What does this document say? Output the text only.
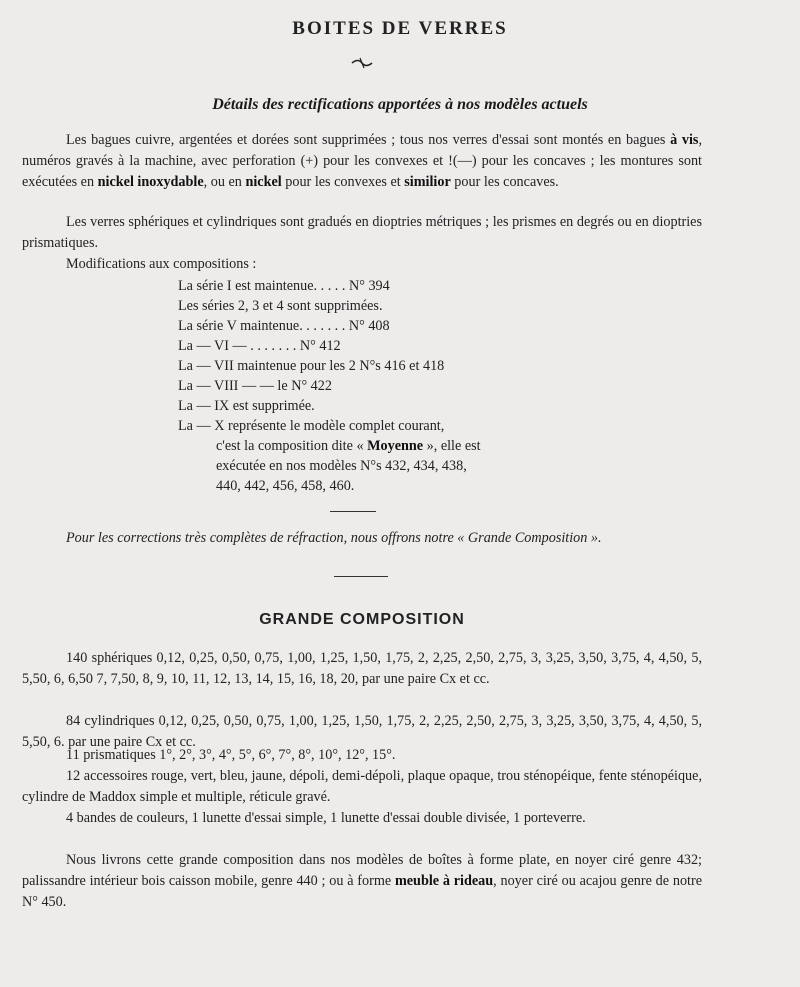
BOITES DE VERRES
Détails des rectifications apportées à nos modèles actuels
Les bagues cuivre, argentées et dorées sont supprimées ; tous nos verres d'essai sont montés en bagues à vis, numéros gravés à la machine, avec perforation (+) pour les convexes et !(—) pour les concaves ; les montures sont exécutées en nickel inoxydable, ou en nickel pour les convexes et similior pour les concaves.
Les verres sphériques et cylindriques sont gradués en dioptries métriques ; les prismes en degrés ou en dioptries prismatiques.
Modifications aux compositions :
La série I est maintenue. . . . . N° 394
Les séries 2, 3 et 4 sont supprimées.
La série V maintenue. . . . . . . N° 408
La — VI — . . . . . . . N° 412
La — VII maintenue pour les 2 N°s 416 et 418
La — VIII — — le N° 422
La — IX est supprimée.
La — X représente le modèle complet courant,
c'est la composition dite « Moyenne », elle est
exécutée en nos modèles N°s 432, 434, 438,
440, 442, 456, 458, 460.
Pour les corrections très complètes de réfraction, nous offrons notre « Grande Composition ».
GRANDE COMPOSITION
140 sphériques 0,12, 0,25, 0,50, 0,75, 1,00, 1,25, 1,50, 1,75, 2, 2,25, 2,50, 2,75, 3, 3,25, 3,50, 3,75, 4, 4,50, 5, 5,50, 6, 6,50 7, 7,50, 8, 9, 10, 11, 12, 13, 14, 15, 16, 18, 20, par une paire Cx et cc.
84 cylindriques 0,12, 0,25, 0,50, 0,75, 1,00, 1,25, 1,50, 1,75, 2, 2,25, 2,50, 2,75, 3, 3,25, 3,50, 3,75, 4, 4,50, 5, 5,50, 6. par une paire Cx et cc.
11 prismatiques 1°, 2°, 3°, 4°, 5°, 6°, 7°, 8°, 10°, 12°, 15°.
12 accessoires rouge, vert, bleu, jaune, dépoli, demi-dépoli, plaque opaque, trou sténopéique, fente sténopéique, cylindre de Maddox simple et multiple, réticule gravé.
4 bandes de couleurs, 1 lunette d'essai simple, 1 lunette d'essai double divisée, 1 porteverre.
Nous livrons cette grande composition dans nos modèles de boîtes à forme plate, en noyer ciré genre 432; palissandre intérieur bois caisson mobile, genre 440 ; ou à forme meuble à rideau, noyer ciré ou acajou genre de notre N° 450.
